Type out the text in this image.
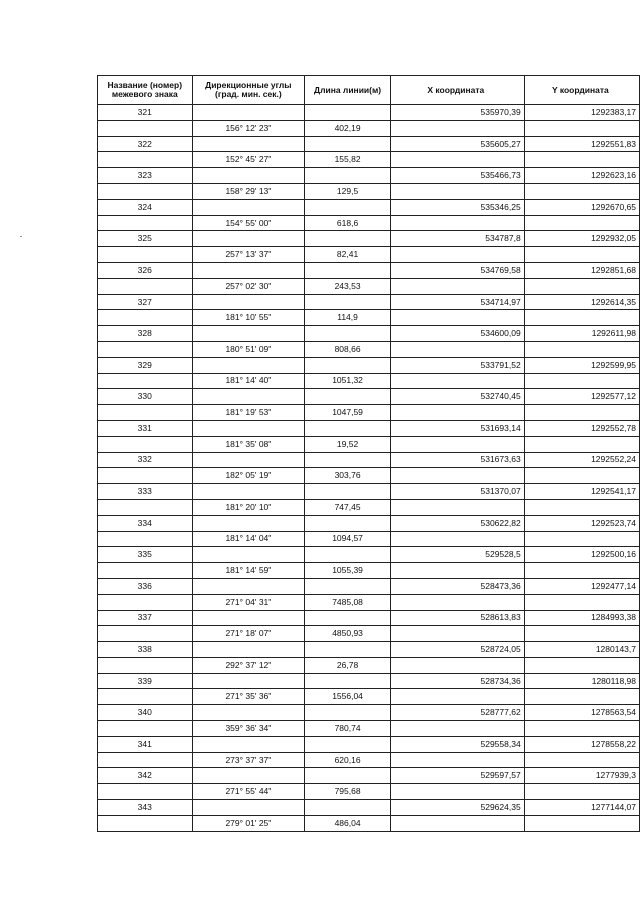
Название (номер) межевого знака	Дирекционные углы (град. мин. сек.)	Длина линии(м)	X координата	Y координата
321			535970,39	1292383,17
	156° 12' 23"	402,19		
322			535605,27	1292551,83
	152° 45' 27"	155,82		
323			535466,73	1292623,16
	158° 29' 13"	129,5		
324			535346,25	1292670,65
	154° 55' 00"	618,6		
325			534787,8	1292932,05
	257° 13' 37"	82,41		
326			534769,58	1292851,68
	257° 02' 30"	243,53		
327			534714,97	1292614,35
	181° 10' 55"	114,9		
328			534600,09	1292611,98
	180° 51' 09"	808,66		
329			533791,52	1292599,95
	181° 14' 40"	1051,32		
330			532740,45	1292577,12
	181° 19' 53"	1047,59		
331			531693,14	1292552,78
	181° 35' 08"	19,52		
332			531673,63	1292552,24
	182° 05' 19"	303,76		
333			531370,07	1292541,17
	181° 20' 10"	747,45		
334			530622,82	1292523,74
	181° 14' 04"	1094,57		
335			529528,5	1292500,16
	181° 14' 59"	1055,39		
336			528473,36	1292477,14
	271° 04' 31"	7485,08		
337			528613,83	1284993,38
	271° 18' 07"	4850,93		
338			528724,05	1280143,7
	292° 37' 12"	26,78		
339			528734,36	1280118,98
	271° 35' 36"	1556,04		
340			528777,62	1278563,54
	359° 36' 34"	780,74		
341			529558,34	1278558,22
	273° 37' 37"	620,16		
342			529597,57	1277939,3
	271° 55' 44"	795,68		
343			529624,35	1277144,07
	279° 01' 25"	486,04		
